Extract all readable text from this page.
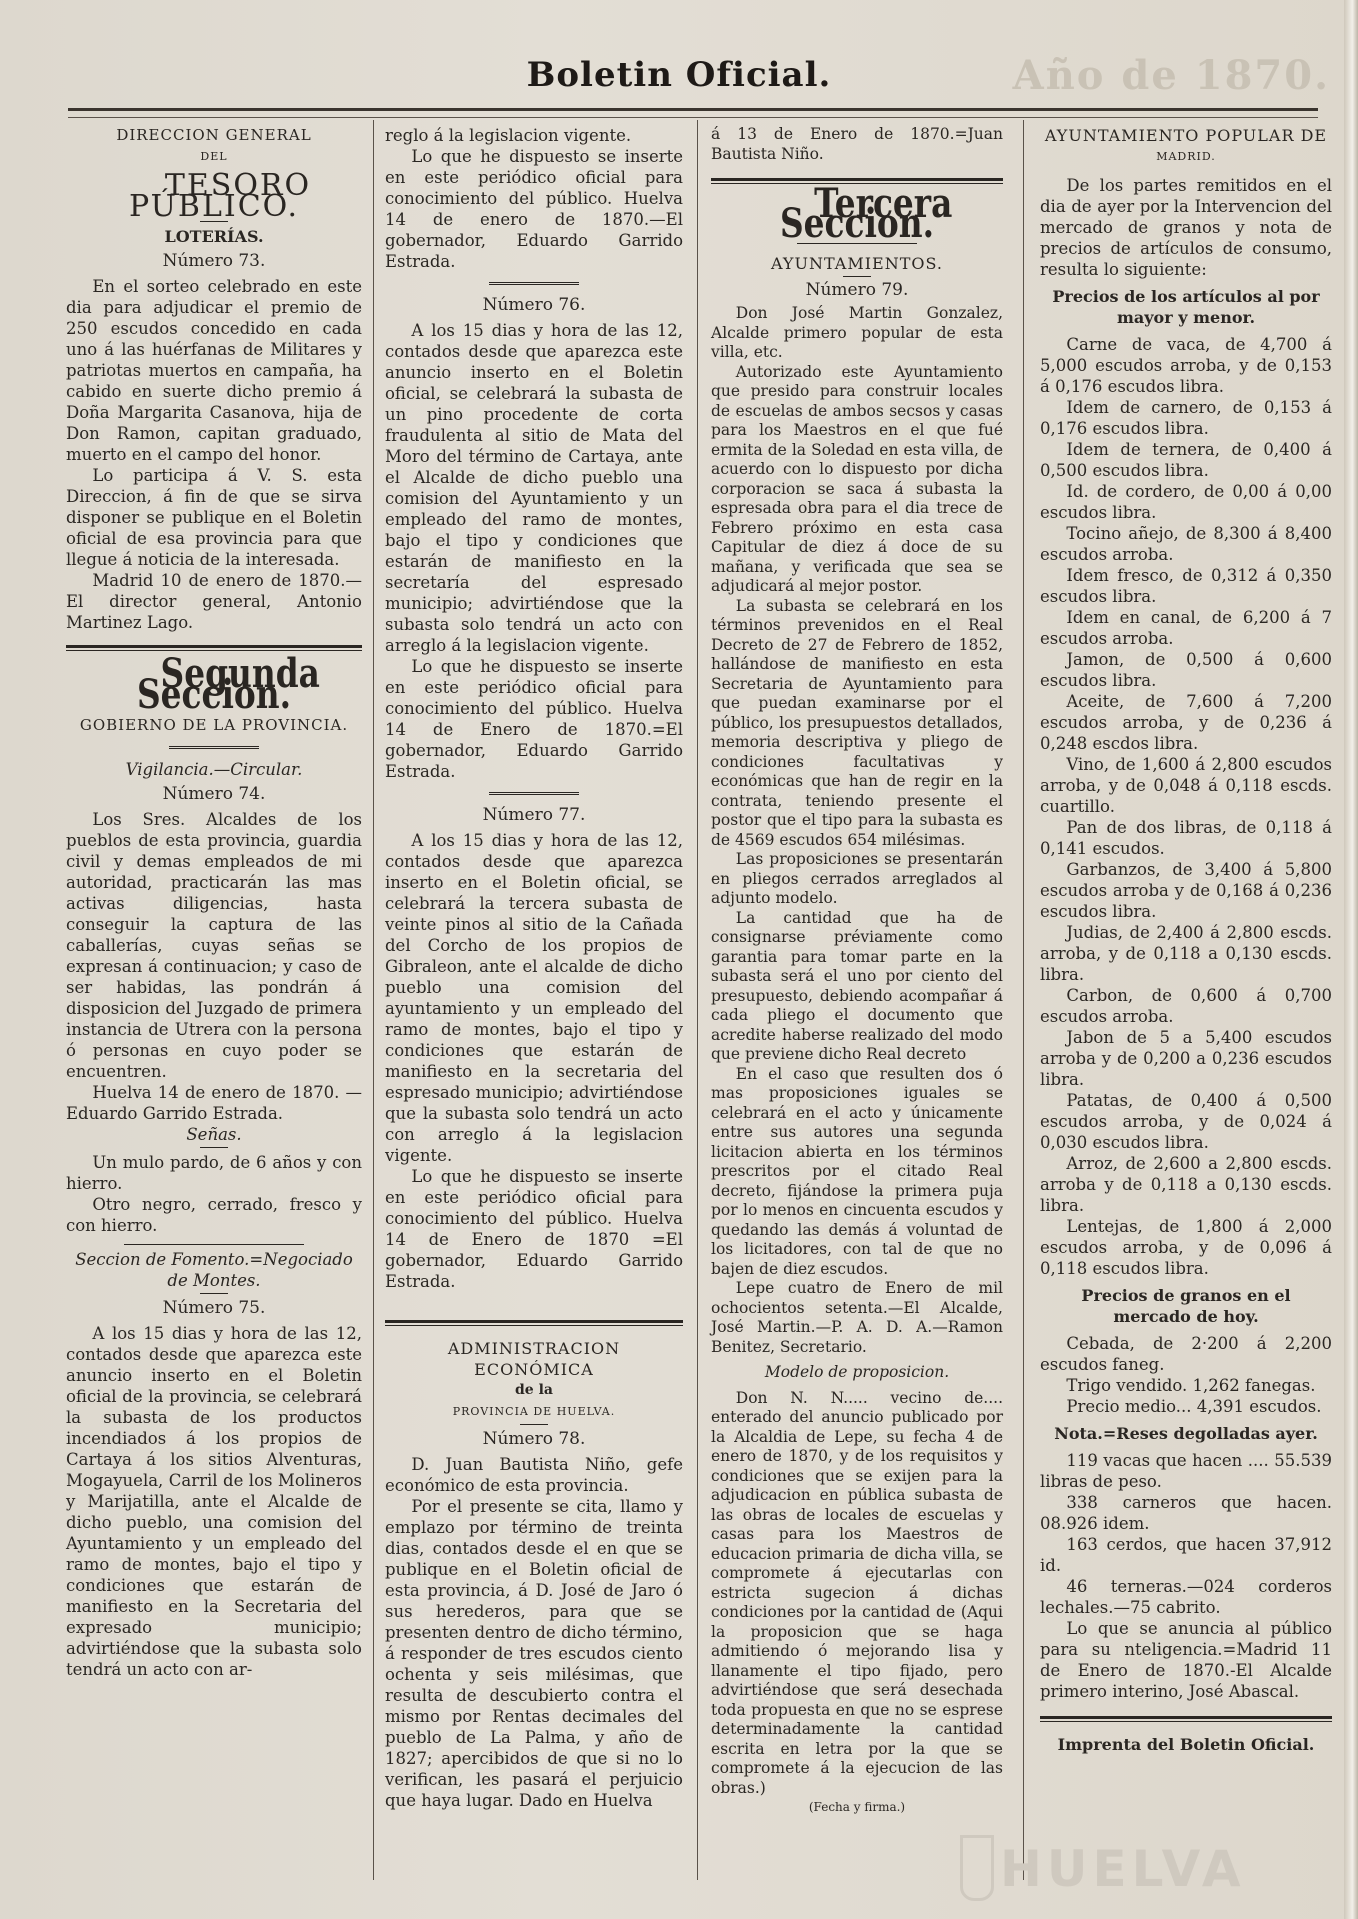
Boletin Oficial.	Año de 1870.

DIRECCION GENERAL

DEL

TESORO PÚBLICO.

LOTERÍAS.

Número 73.

En el sorteo celebrado en este dia para adjudicar el premio de 250 escudos concedido en cada uno á las huérfanas de Militares y patriotas muertos en campaña, ha cabido en suerte dicho premio á Doña Margarita Casanova, hija de Don Ramon, capitan graduado, muerto en el campo del honor.

Lo participa á V. S. esta Direccion, á fin de que se sirva disponer se publique en el Boletin oficial de esa provincia para que llegue á noticia de la interesada.

Madrid 10 de enero de 1870.—El director general, Antonio Martinez Lago.

Segunda Seccion.

GOBIERNO DE LA PROVINCIA.

Vigilancia.—Circular.

Número 74.

Los Sres. Alcaldes de los pueblos de esta provincia, guardia civil y demas empleados de mi autoridad, practicarán las mas activas diligencias, hasta conseguir la captura de las caballerías, cuyas señas se expresan á continuacion; y caso de ser habidas, las pondrán á disposicion del Juzgado de primera instancia de Utrera con la persona ó personas en cuyo poder se encuentren.

Huelva 14 de enero de 1870. —Eduardo Garrido Estrada.

Señas.

Un mulo pardo, de 6 años y con hierro.

Otro negro, cerrado, fresco y con hierro.

Seccion de Fomento.=Negociado de Montes.

Número 75.

A los 15 dias y hora de las 12, contados desde que aparezca este anuncio inserto en el Boletin oficial de la provincia, se celebrará la subasta de los productos incendiados á los propios de Cartaya á los sitios Alventuras, Mogayuela, Carril de los Molineros y Marijatilla, ante el Alcalde de dicho pueblo, una comision del Ayuntamiento y un empleado del ramo de montes, bajo el tipo y condiciones que estarán de manifiesto en la Secretaria del expresado municipio; advirtiéndose que la subasta solo tendrá un acto con ar-

reglo á la legislacion vigente.

Lo que he dispuesto se inserte en este periódico oficial para conocimiento del público. Huelva 14 de enero de 1870.—El gobernador, Eduardo Garrido Estrada.

Número 76.

A los 15 dias y hora de las 12, contados desde que aparezca este anuncio inserto en el Boletin oficial, se celebrará la subasta de un pino procedente de corta fraudulenta al sitio de Mata del Moro del término de Cartaya, ante el Alcalde de dicho pueblo una comision del Ayuntamiento y un empleado del ramo de montes, bajo el tipo y condiciones que estarán de manifiesto en la secretaría del espresado municipio; advirtiéndose que la subasta solo tendrá un acto con arreglo á la legislacion vigente.

Lo que he dispuesto se inserte en este periódico oficial para conocimiento del público. Huelva 14 de Enero de 1870.=El gobernador, Eduardo Garrido Estrada.

Número 77.

A los 15 dias y hora de las 12, contados desde que aparezca inserto en el Boletin oficial, se celebrará la tercera subasta de veinte pinos al sitio de la Cañada del Corcho de los propios de Gibraleon, ante el alcalde de dicho pueblo una comision del ayuntamiento y un empleado del ramo de montes, bajo el tipo y condiciones que estarán de manifiesto en la secretaria del espresado municipio; advirtiéndose que la subasta solo tendrá un acto con arreglo á la legislacion vigente.

Lo que he dispuesto se inserte en este periódico oficial para conocimiento del público. Huelva 14 de Enero de 1870 =El gobernador, Eduardo Garrido Estrada.

ADMINISTRACION ECONÓMICA

de la

PROVINCIA DE HUELVA.

Número 78.

D. Juan Bautista Niño, gefe económico de esta provincia.

Por el presente se cita, llamo y emplazo por término de treinta dias, contados desde el en que se publique en el Boletin oficial de esta provincia, á D. José de Jaro ó sus herederos, para que se presenten dentro de dicho término, á responder de tres escudos ciento ochenta y seis milésimas, que resulta de descubierto contra el mismo por Rentas decimales del pueblo de La Palma, y año de 1827; apercibidos de que si no lo verifican, les pasará el perjuicio que haya lugar. Dado en Huelva

á 13 de Enero de 1870.=Juan Bautista Niño.

Tercera Seccion.

AYUNTAMIENTOS.

Número 79.

Don José Martin Gonzalez, Alcalde primero popular de esta villa, etc.

Autorizado este Ayuntamiento que presido para construir locales de escuelas de ambos secsos y casas para los Maestros en el que fué ermita de la Soledad en esta villa, de acuerdo con lo dispuesto por dicha corporacion se saca á subasta la espresada obra para el dia trece de Febrero próximo en esta casa Capitular de diez á doce de su mañana, y verificada que sea se adjudicará al mejor postor.

La subasta se celebrará en los términos prevenidos en el Real Decreto de 27 de Febrero de 1852, hallándose de manifiesto en esta Secretaria de Ayuntamiento para que puedan examinarse por el público, los presupuestos detallados, memoria descriptiva y pliego de condiciones facultativas y económicas que han de regir en la contrata, teniendo presente el postor que el tipo para la subasta es de 4569 escudos 654 milésimas.

Las proposiciones se presentarán en pliegos cerrados arreglados al adjunto modelo.

La cantidad que ha de consignarse préviamente como garantia para tomar parte en la subasta será el uno por ciento del presupuesto, debiendo acompañar á cada pliego el documento que acredite haberse realizado del modo que previene dicho Real decreto

En el caso que resulten dos ó mas proposiciones iguales se celebrará en el acto y únicamente entre sus autores una segunda licitacion abierta en los términos prescritos por el citado Real decreto, fijándose la primera puja por lo menos en cincuenta escudos y quedando las demás á voluntad de los licitadores, con tal de que no bajen de diez escudos.

Lepe cuatro de Enero de mil ochocientos setenta.—El Alcalde, José Martin.—P. A. D. A.—Ramon Benitez, Secretario.

Modelo de proposicion.

Don N. N..... vecino de.... enterado del anuncio publicado por la Alcaldia de Lepe, su fecha 4 de enero de 1870, y de los requisitos y condiciones que se exijen para la adjudicacion en pública subasta de las obras de locales de escuelas y casas para los Maestros de educacion primaria de dicha villa, se compromete á ejecutarlas con estricta sugecion á dichas condiciones por la cantidad de (Aqui la proposicion que se haga admitiendo ó mejorando lisa y llanamente el tipo fijado, pero advirtiéndose que será desechada toda propuesta en que no se esprese determinadamente la cantidad escrita en letra por la que se compromete á la ejecucion de las obras.)

(Fecha y firma.)

AYUNTAMIENTO POPULAR DE

MADRID.

De los partes remitidos en el dia de ayer por la Intervencion del mercado de granos y nota de precios de artículos de consumo, resulta lo siguiente:

Precios de los artículos al por mayor y menor.

Carne de vaca, de 4,700 á 5,000 escudos arroba, y de 0,153 á 0,176 escudos libra.

Idem de carnero, de 0,153 á 0,176 escudos libra.

Idem de ternera, de 0,400 á 0,500 escudos libra.

Id. de cordero, de 0,00 á 0,00 escudos libra.

Tocino añejo, de 8,300 á 8,400 escudos arroba.

Idem fresco, de 0,312 á 0,350 escudos libra.

Idem en canal, de 6,200 á 7 escudos arroba.

Jamon, de 0,500 á 0,600 escudos libra.

Aceite, de 7,600 á 7,200 escudos arroba, y de 0,236 á 0,248 escdos libra.

Vino, de 1,600 á 2,800 escudos arroba, y de 0,048 á 0,118 escds. cuartillo.

Pan de dos libras, de 0,118 á 0,141 escudos.

Garbanzos, de 3,400 á 5,800 escudos arroba y de 0,168 á 0,236 escudos libra.

Judias, de 2,400 á 2,800 escds. arroba, y de 0,118 a 0,130 escds. libra.

Carbon, de 0,600 á 0,700 escudos arroba.

Jabon de 5 a 5,400 escudos arroba y de 0,200 a 0,236 escudos libra.

Patatas, de 0,400 á 0,500 escudos arroba, y de 0,024 á 0,030 escudos libra.

Arroz, de 2,600 a 2,800 escds. arroba y de 0,118 a 0,130 escds. libra.

Lentejas, de 1,800 á 2,000 escudos arroba, y de 0,096 á 0,118 escudos libra.

Precios de granos en el mercado de hoy.

Cebada, de 2·200 á 2,200 escudos faneg.

Trigo vendido. 1,262 fanegas.

Precio medio... 4,391 escudos.

Nota.=Reses degolladas ayer.

119 vacas que hacen .... 55.539 libras de peso.

338 carneros que hacen. 08.926 idem.

163 cerdos, que hacen 37,912 id.

46 terneras.—024 corderos lechales.—75 cabrito.

Lo que se anuncia al público para su nteligencia.=Madrid 11 de Enero de 1870.-El Alcalde primero interino, José Abascal.

Imprenta del Boletin Oficial.

HUELVA
